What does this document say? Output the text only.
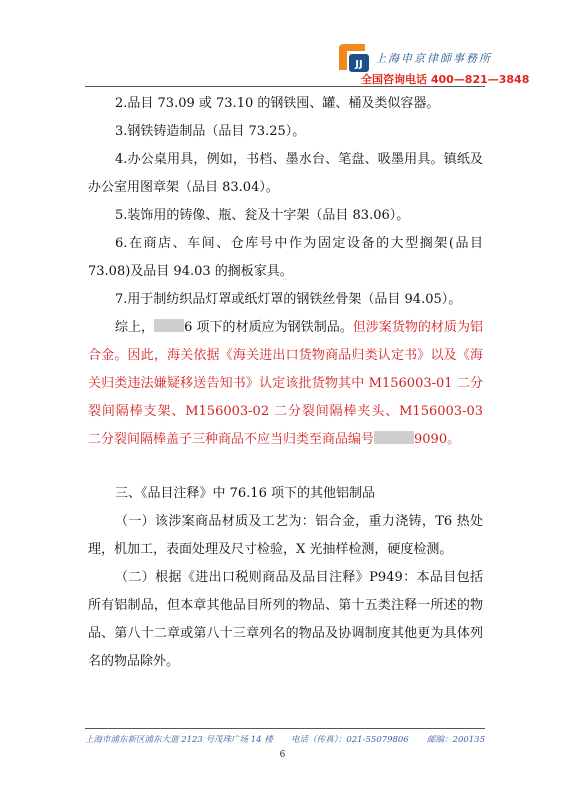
JJ 上海申京律師事務所
全国咨询电话 400—821—3848

2.品目 73.09 或 73.10 的钢铁囤、罐、桶及类似容器。

3.钢铁铸造制品（品目 73.25）。

4.办公桌用具，例如，书档、墨水台、笔盘、吸墨用具。镇纸及办公室用图章架（品目 83.04）。

5.装饰用的铸像、瓶、瓮及十字架（品目 83.06）。

6.在商店、车间、仓库号中作为固定设备的大型搁架(品目 73.08)及品目 94.03 的搁板家具。

7.用于制纺织品灯罩或纸灯罩的钢铁丝骨架（品目 94.05）。

综上， 6 项下的材质应为钢铁制品。但涉案货物的材质为铝合金。因此，海关依据《海关进出口货物商品归类认定书》以及《海关归类违法嫌疑移送告知书》认定该批货物其中 M156003-01 二分裂间隔棒支架、M156003-02 二分裂间隔棒夹头、M156003-03 二分裂间隔棒盖子三种商品不应当归类至商品编号	9090。

三、《品目注释》中 76.16 项下的其他铝制品

（一）该涉案商品材质及工艺为：铝合金，重力浇铸，T6 热处理，机加工，表面处理及尺寸检验，X 光抽样检测，硬度检测。

（二）根据《进出口税则商品及品目注释》P949：本品目包括所有铝制品，但本章其他品目所列的物品、第十五类注释一所述的物品、第八十二章或第八十三章列名的物品及协调制度其他更为具体列名的物品除外。

上海市浦东新区浦东大道 2123 号茂珠广场 14 楼 电话（传真）：021-55079806 邮编：200135
6
